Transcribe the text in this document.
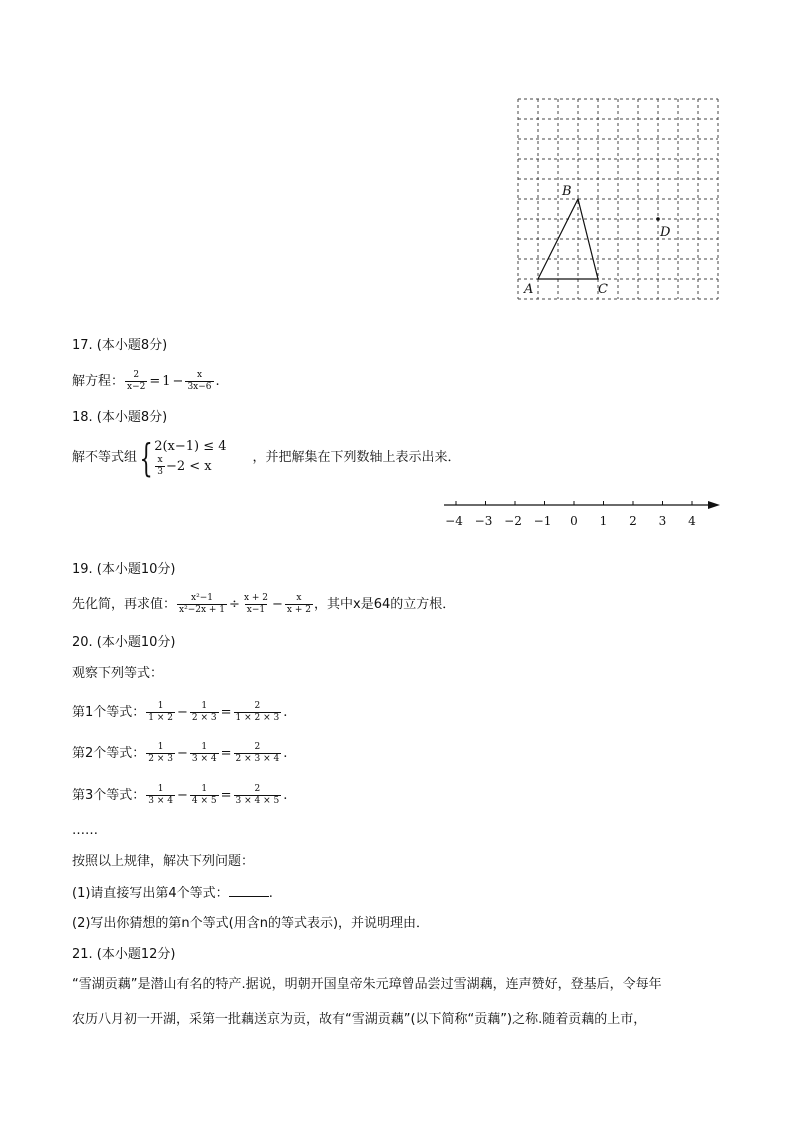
A
B
C
D
17. (本小题8分)
解方程： $\frac{2}{x-2} = 1 - \frac{x}{3x-6}$ .
18. (本小题8分)
解不等式组 { 2(x−1) ≤ 4
$\frac{x}{3} -2 < x$
，并把解集在下列数轴上表示出来．
−4 −3 −2 −1 0 1 2 3 4
19. (本小题10分)
先化简，再求值： $\frac{\text{x²−1}}{\text{x²−2x + 1}} \div \frac{x + 2}{x-1} - \frac{x}{x + 2}$ ，其中x是64的立方根．
20. (本小题10分)
观察下列等式：
第1个等式： $\frac{1}{1 \times 2} - \frac{1}{2 \times 3} = \frac{2}{1 \times 2 \times 3}$ .
第2个等式： $\frac{1}{2 \times 3} - \frac{1}{3 \times 4} = \frac{2}{2 \times 3 \times 4}$ .
第3个等式： $\frac{1}{3 \times 4} - \frac{1}{4 \times 5} = \frac{2}{3 \times 4 \times 5}$ .
……
按照以上规律，解决下列问题：
(1)请直接写出第4个等式：	.
(2)写出你猜想的第n个等式(用含n的等式表示)，并说明理由．
21. (本小题12分)
“雪湖贡藕”是潜山有名的特产.据说，明朝开国皇帝朱元璋曾品尝过雪湖藕，连声赞好，登基后，令每年
农历八月初一开湖，采第一批藕送京为贡，故有“雪湖贡藕”(以下简称“贡藕”)之称.随着贡藕的上市，
